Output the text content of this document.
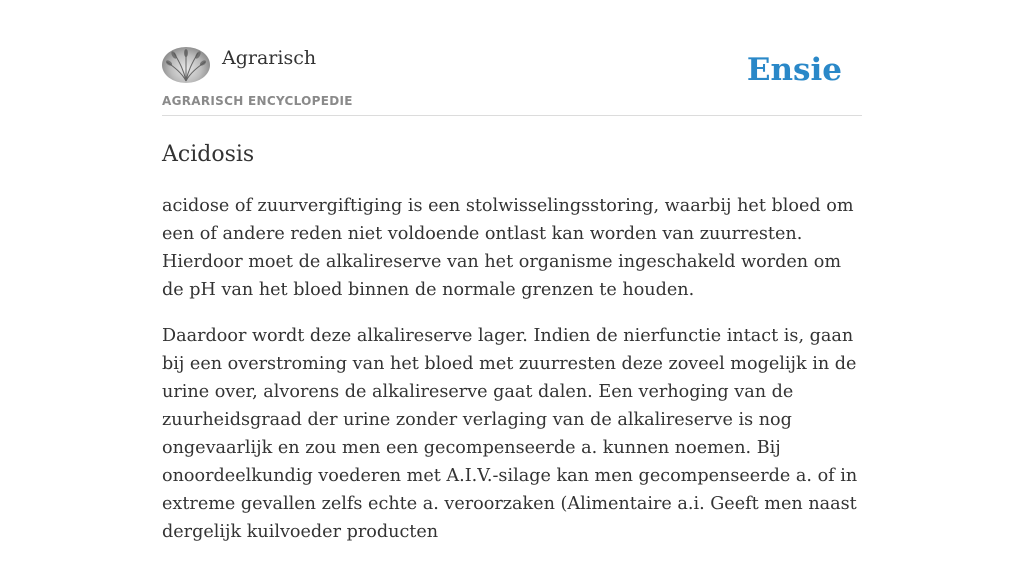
Agrarisch
AGRARISCH ENCYCLOPEDIE
Ensie
Acidosis

acidose of zuurvergiftiging is een stolwisselingsstoring, waarbij het bloed om een of andere reden niet voldoende ontlast kan worden van zuurresten. Hierdoor moet de alkalireserve van het organisme ingeschakeld worden om de pH van het bloed binnen de normale grenzen te houden.

Daardoor wordt deze alkalireserve lager. Indien de nierfunctie intact is, gaan bij een overstroming van het bloed met zuurresten deze zoveel mogelijk in de urine over, alvorens de alkalireserve gaat dalen. Een verhoging van de zuurheidsgraad der urine zonder verlaging van de alkalireserve is nog ongevaarlijk en zou men een gecompenseerde a. kunnen noemen. Bij onoordeelkundig voederen met A.I.V.-silage kan men gecompenseerde a. of in extreme gevallen zelfs echte a. veroorzaken (Alimentaire a.i. Geeft men naast dergelijk kuilvoeder producten
